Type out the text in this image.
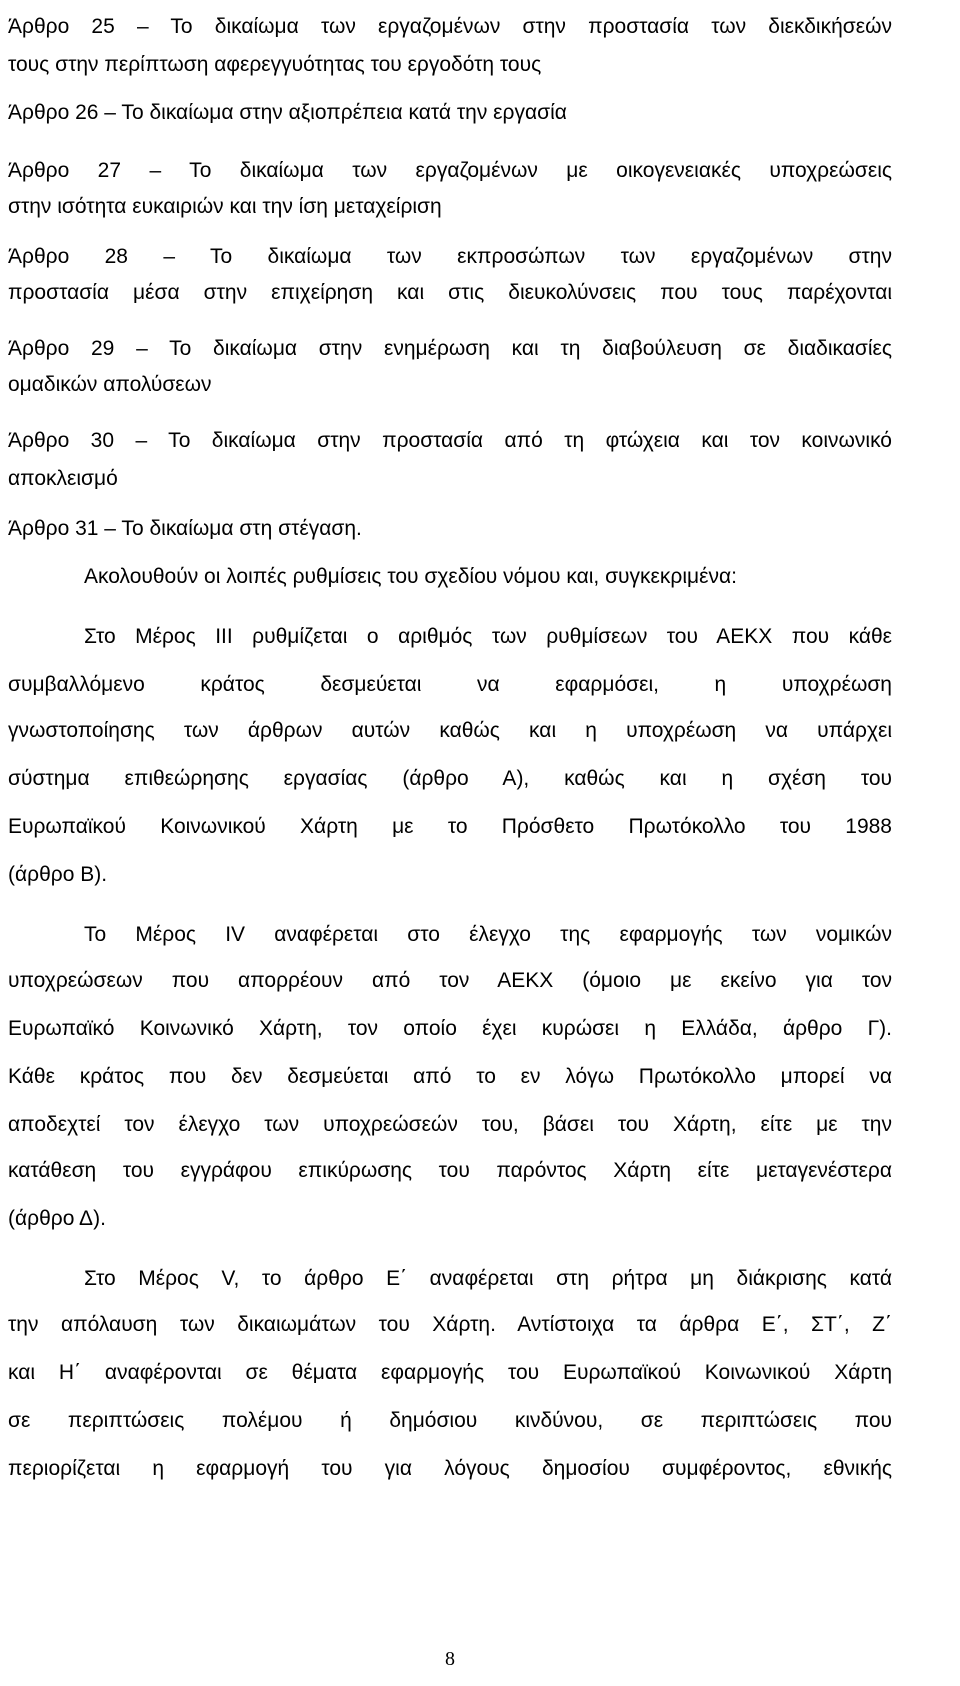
Άρθρο 25 – Το δικαίωμα των εργαζομένων στην προστασία των διεκδικήσεών
τους στην περίπτωση αφερεγγυότητας του εργοδότη τους
Άρθρο 26 – Το δικαίωμα στην αξιοπρέπεια κατά την εργασία
Άρθρο 27 – Το δικαίωμα των εργαζομένων με οικογενειακές υποχρεώσεις
στην ισότητα ευκαιριών και την ίση μεταχείριση
Άρθρο 28 – Το δικαίωμα των εκπροσώπων των εργαζομένων στην
προστασία μέσα στην επιχείρηση και στις διευκολύνσεις που τους παρέχονται
Άρθρο 29 – Το δικαίωμα στην ενημέρωση και τη διαβούλευση σε διαδικασίες
ομαδικών απολύσεων
Άρθρο 30 – Το δικαίωμα στην προστασία από τη φτώχεια και τον κοινωνικό
αποκλεισμό
Άρθρο 31 – Το δικαίωμα στη στέγαση.
Ακολουθούν οι λοιπές ρυθμίσεις του σχεδίου νόμου και, συγκεκριμένα:
Στο Μέρος ΙΙΙ ρυθμίζεται ο αριθμός των ρυθμίσεων του ΑΕΚΧ που κάθε
συμβαλλόμενο κράτος δεσμεύεται να εφαρμόσει, η υποχρέωση
γνωστοποίησης των άρθρων αυτών καθώς και η υποχρέωση να υπάρχει
σύστημα επιθεώρησης εργασίας (άρθρο Α), καθώς και η σχέση του
Ευρωπαϊκού Κοινωνικού Χάρτη με το Πρόσθετο Πρωτόκολλο του 1988
(άρθρο Β).
Το Μέρος ΙV αναφέρεται στο έλεγχο της εφαρμογής των νομικών
υποχρεώσεων που απορρέουν από τον ΑΕΚΧ (όμοιο με εκείνο για τον
Ευρωπαϊκό Κοινωνικό Χάρτη, τον οποίο έχει κυρώσει η Ελλάδα, άρθρο Γ).
Κάθε κράτος που δεν δεσμεύεται από το εν λόγω Πρωτόκολλο μπορεί να
αποδεχτεί τον έλεγχο των υποχρεώσεών του, βάσει του Χάρτη, είτε με την
κατάθεση του εγγράφου επικύρωσης του παρόντος Χάρτη είτε μεταγενέστερα
(άρθρο Δ).
Στο Μέρος V, το άρθρο Ε΄ αναφέρεται στη ρήτρα μη διάκρισης κατά
την απόλαυση των δικαιωμάτων του Χάρτη. Αντίστοιχα τα άρθρα Ε΄, ΣΤ΄, Ζ΄
και Η΄ αναφέρονται σε θέματα εφαρμογής του Ευρωπαϊκού Κοινωνικού Χάρτη
σε περιπτώσεις πολέμου ή δημόσιου κινδύνου, σε περιπτώσεις που
περιορίζεται η εφαρμογή του για λόγους δημοσίου συμφέροντος, εθνικής
8
